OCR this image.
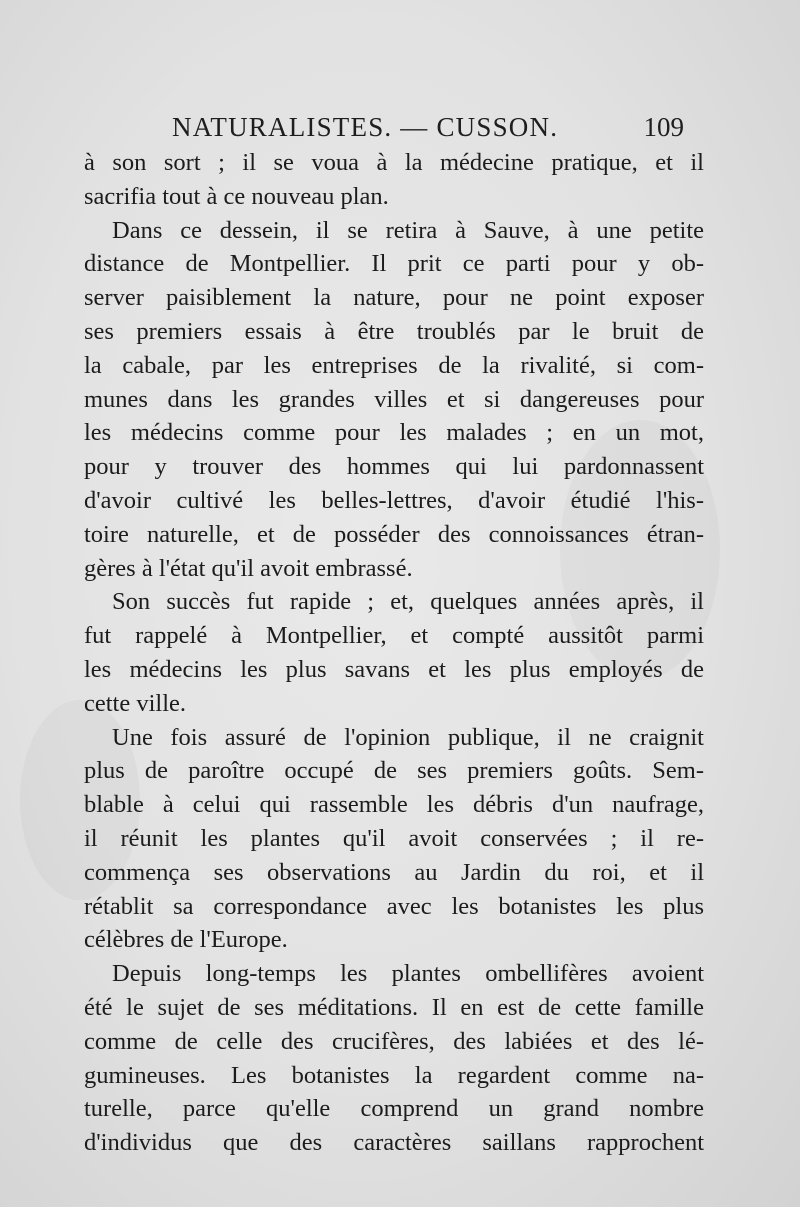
NATURALISTES. — CUSSON.	109
à son sort ; il se voua à la médecine pratique, et il
sacrifia tout à ce nouveau plan.
Dans ce dessein, il se retira à Sauve, à une petite
distance de Montpellier. Il prit ce parti pour y ob-
server paisiblement la nature, pour ne point exposer
ses premiers essais à être troublés par le bruit de
la cabale, par les entreprises de la rivalité, si com-
munes dans les grandes villes et si dangereuses pour
les médecins comme pour les malades ; en un mot,
pour y trouver des hommes qui lui pardonnassent
d'avoir cultivé les belles-lettres, d'avoir étudié l'his-
toire naturelle, et de posséder des connoissances étran-
gères à l'état qu'il avoit embrassé.
Son succès fut rapide ; et, quelques années après, il
fut rappelé à Montpellier, et compté aussitôt parmi
les médecins les plus savans et les plus employés de
cette ville.
Une fois assuré de l'opinion publique, il ne craignit
plus de paroître occupé de ses premiers goûts. Sem-
blable à celui qui rassemble les débris d'un naufrage,
il réunit les plantes qu'il avoit conservées ; il re-
commença ses observations au Jardin du roi, et il
rétablit sa correspondance avec les botanistes les plus
célèbres de l'Europe.
Depuis long-temps les plantes ombellifères avoient
été le sujet de ses méditations. Il en est de cette famille
comme de celle des crucifères, des labiées et des lé-
gumineuses. Les botanistes la regardent comme na-
turelle, parce qu'elle comprend un grand nombre
d'individus que des caractères saillans rapprochent
